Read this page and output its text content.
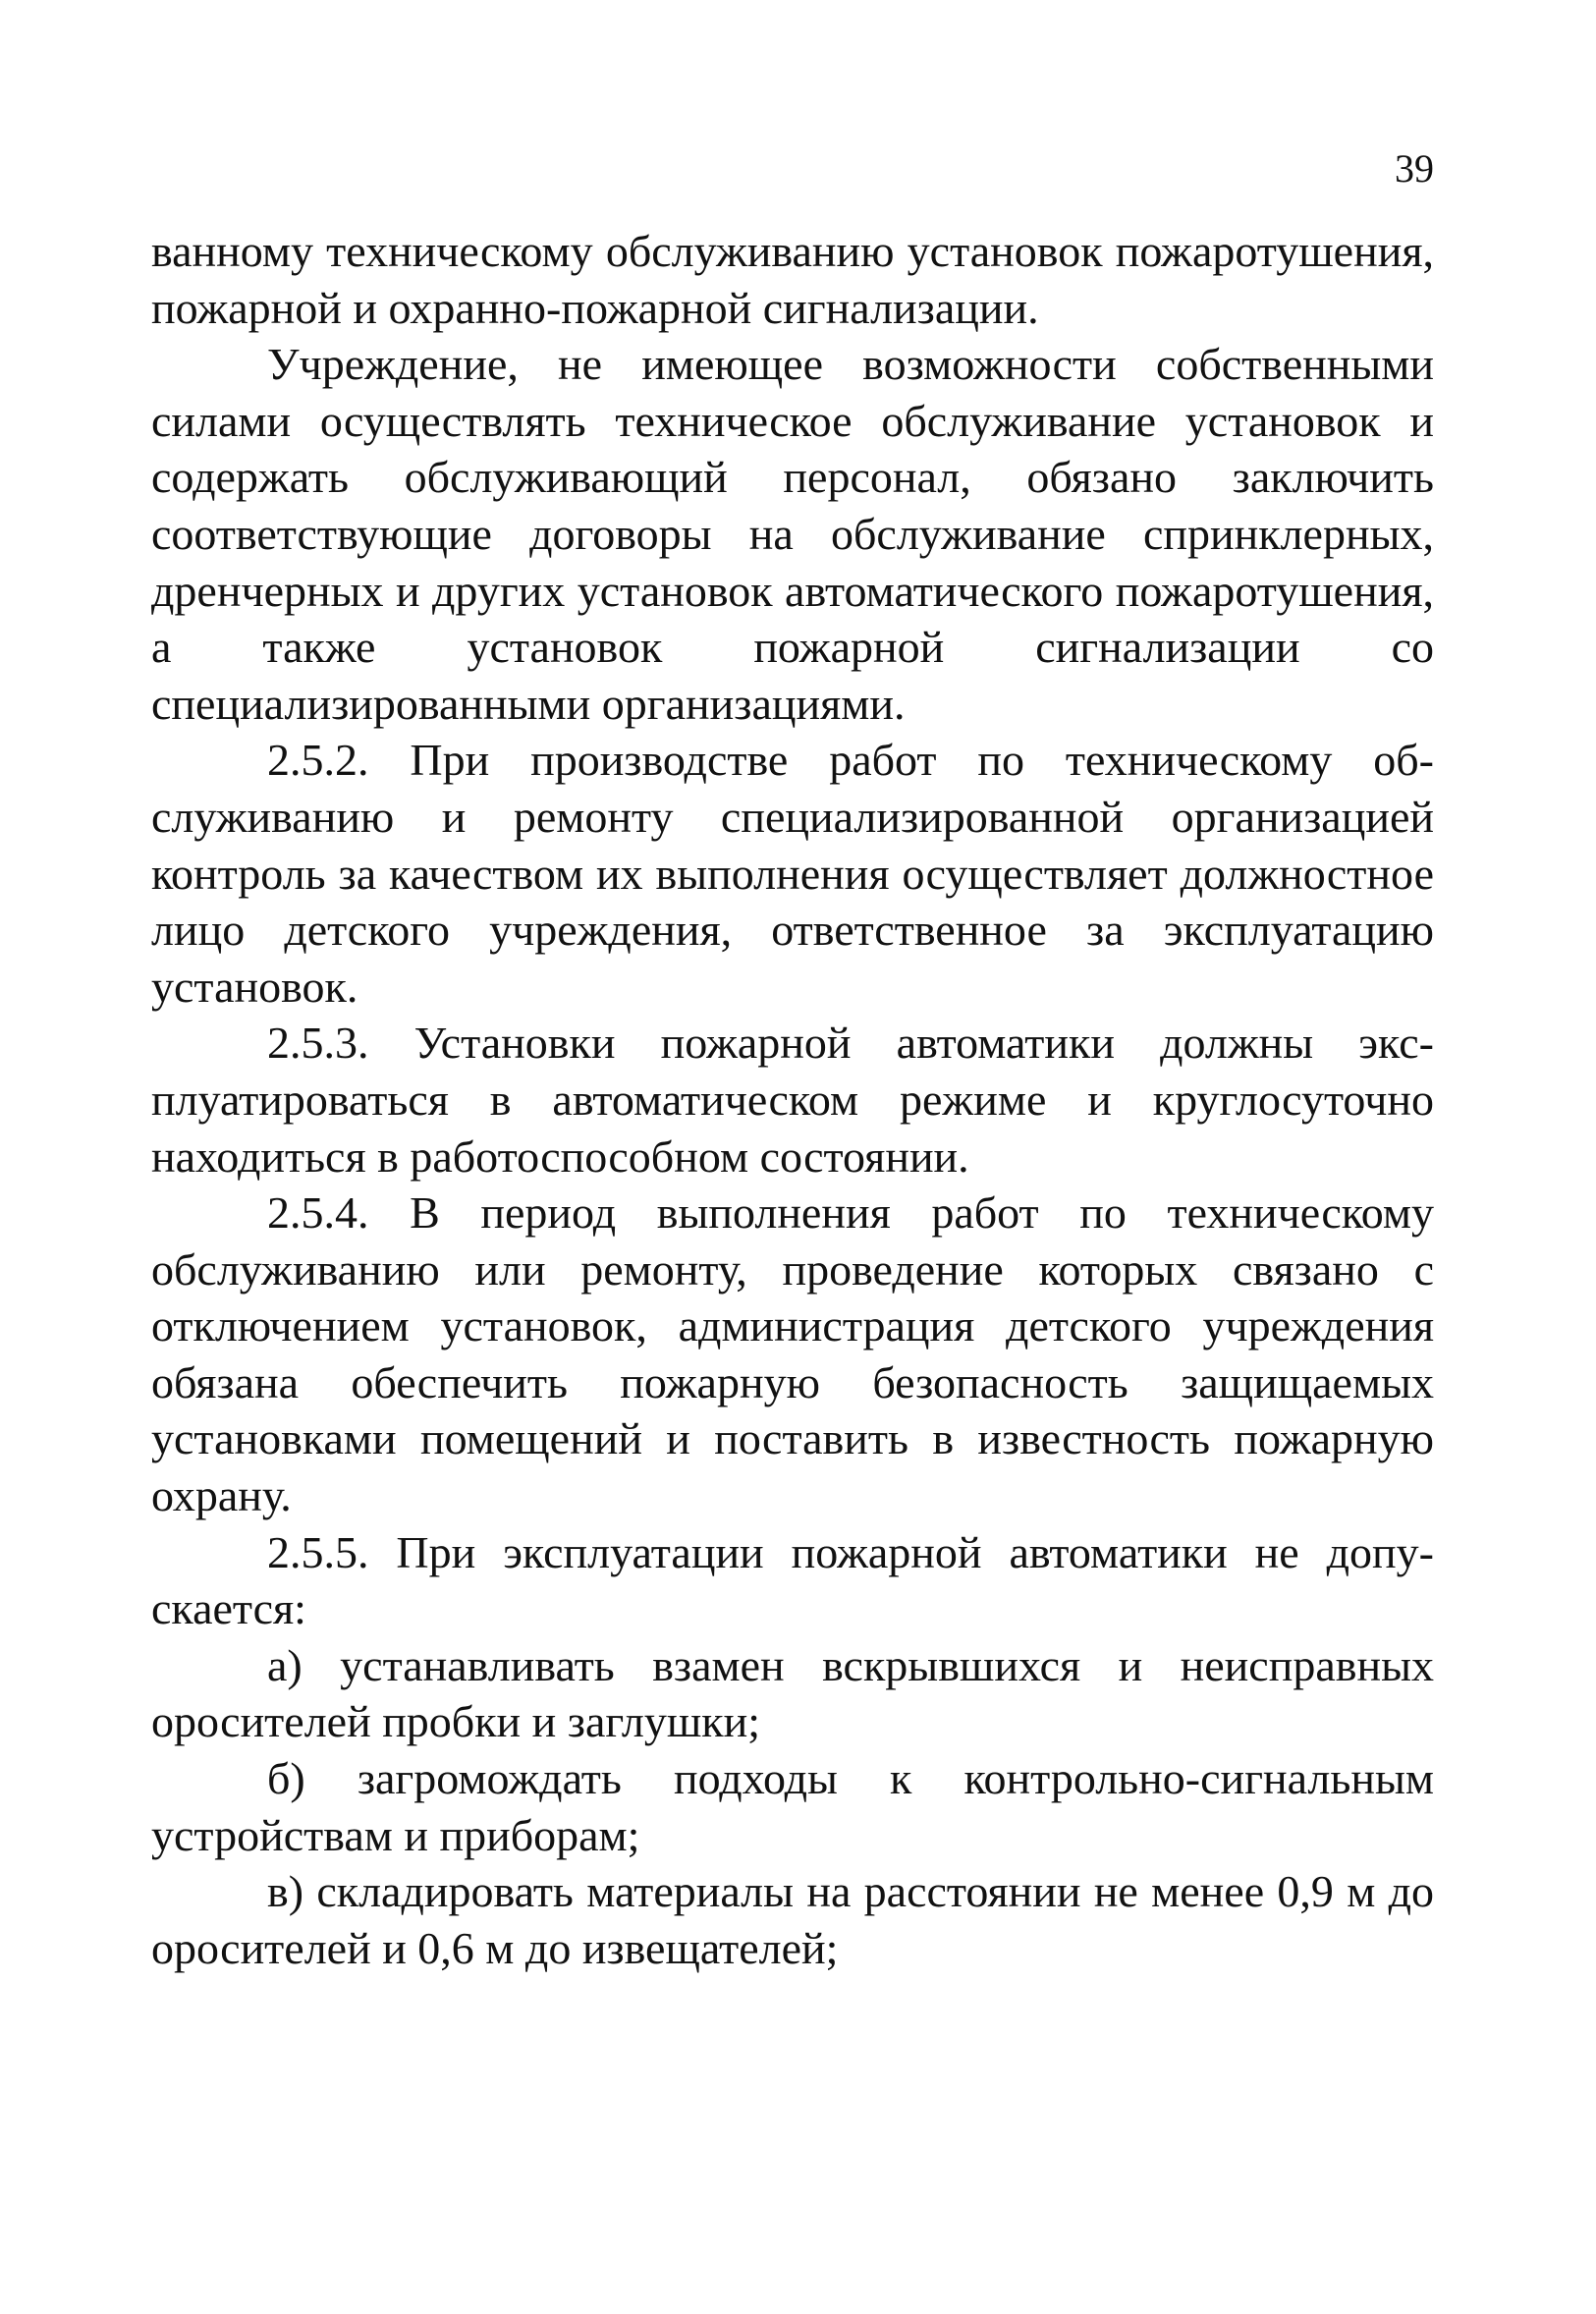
39

ванному техническому обслуживанию установок пожаротушения, пожарной и охранно-пожарной сигнализации.

Учреждение, не имеющее возможности собственными силами осуществлять техническое обслуживание установок и содержать обслуживающий персонал, обязано заключить соответствующие договоры на обслуживание спринклерных, дренчерных и других установок автоматического пожаротушения, а также установок пожарной сигнализации со специализированными организациями.

2.5.2. При производстве работ по техническому обслуживанию и ремонту специализированной организацией контроль за качеством их выполнения осуществляет должностное лицо детского учреждения, ответственное за эксплуатацию установок.

2.5.3. Установки пожарной автоматики должны эксплуатироваться в автоматическом режиме и круглосуточно находиться в работоспособном состоянии.

2.5.4. В период выполнения работ по техническому обслуживанию или ремонту, проведение которых связано с отключением установок, администрация детского учреждения обязана обеспечить пожарную безопасность защищаемых установками помещений и поставить в известность пожарную охрану.

2.5.5. При эксплуатации пожарной автоматики не допускается:

а) устанавливать взамен вскрывшихся и неисправных оросителей пробки и заглушки;

б) загромождать подходы к контрольно-сигнальным устройствам и приборам;

в) складировать материалы на расстоянии не менее 0,9 м до оросителей и 0,6 м до извещателей;
